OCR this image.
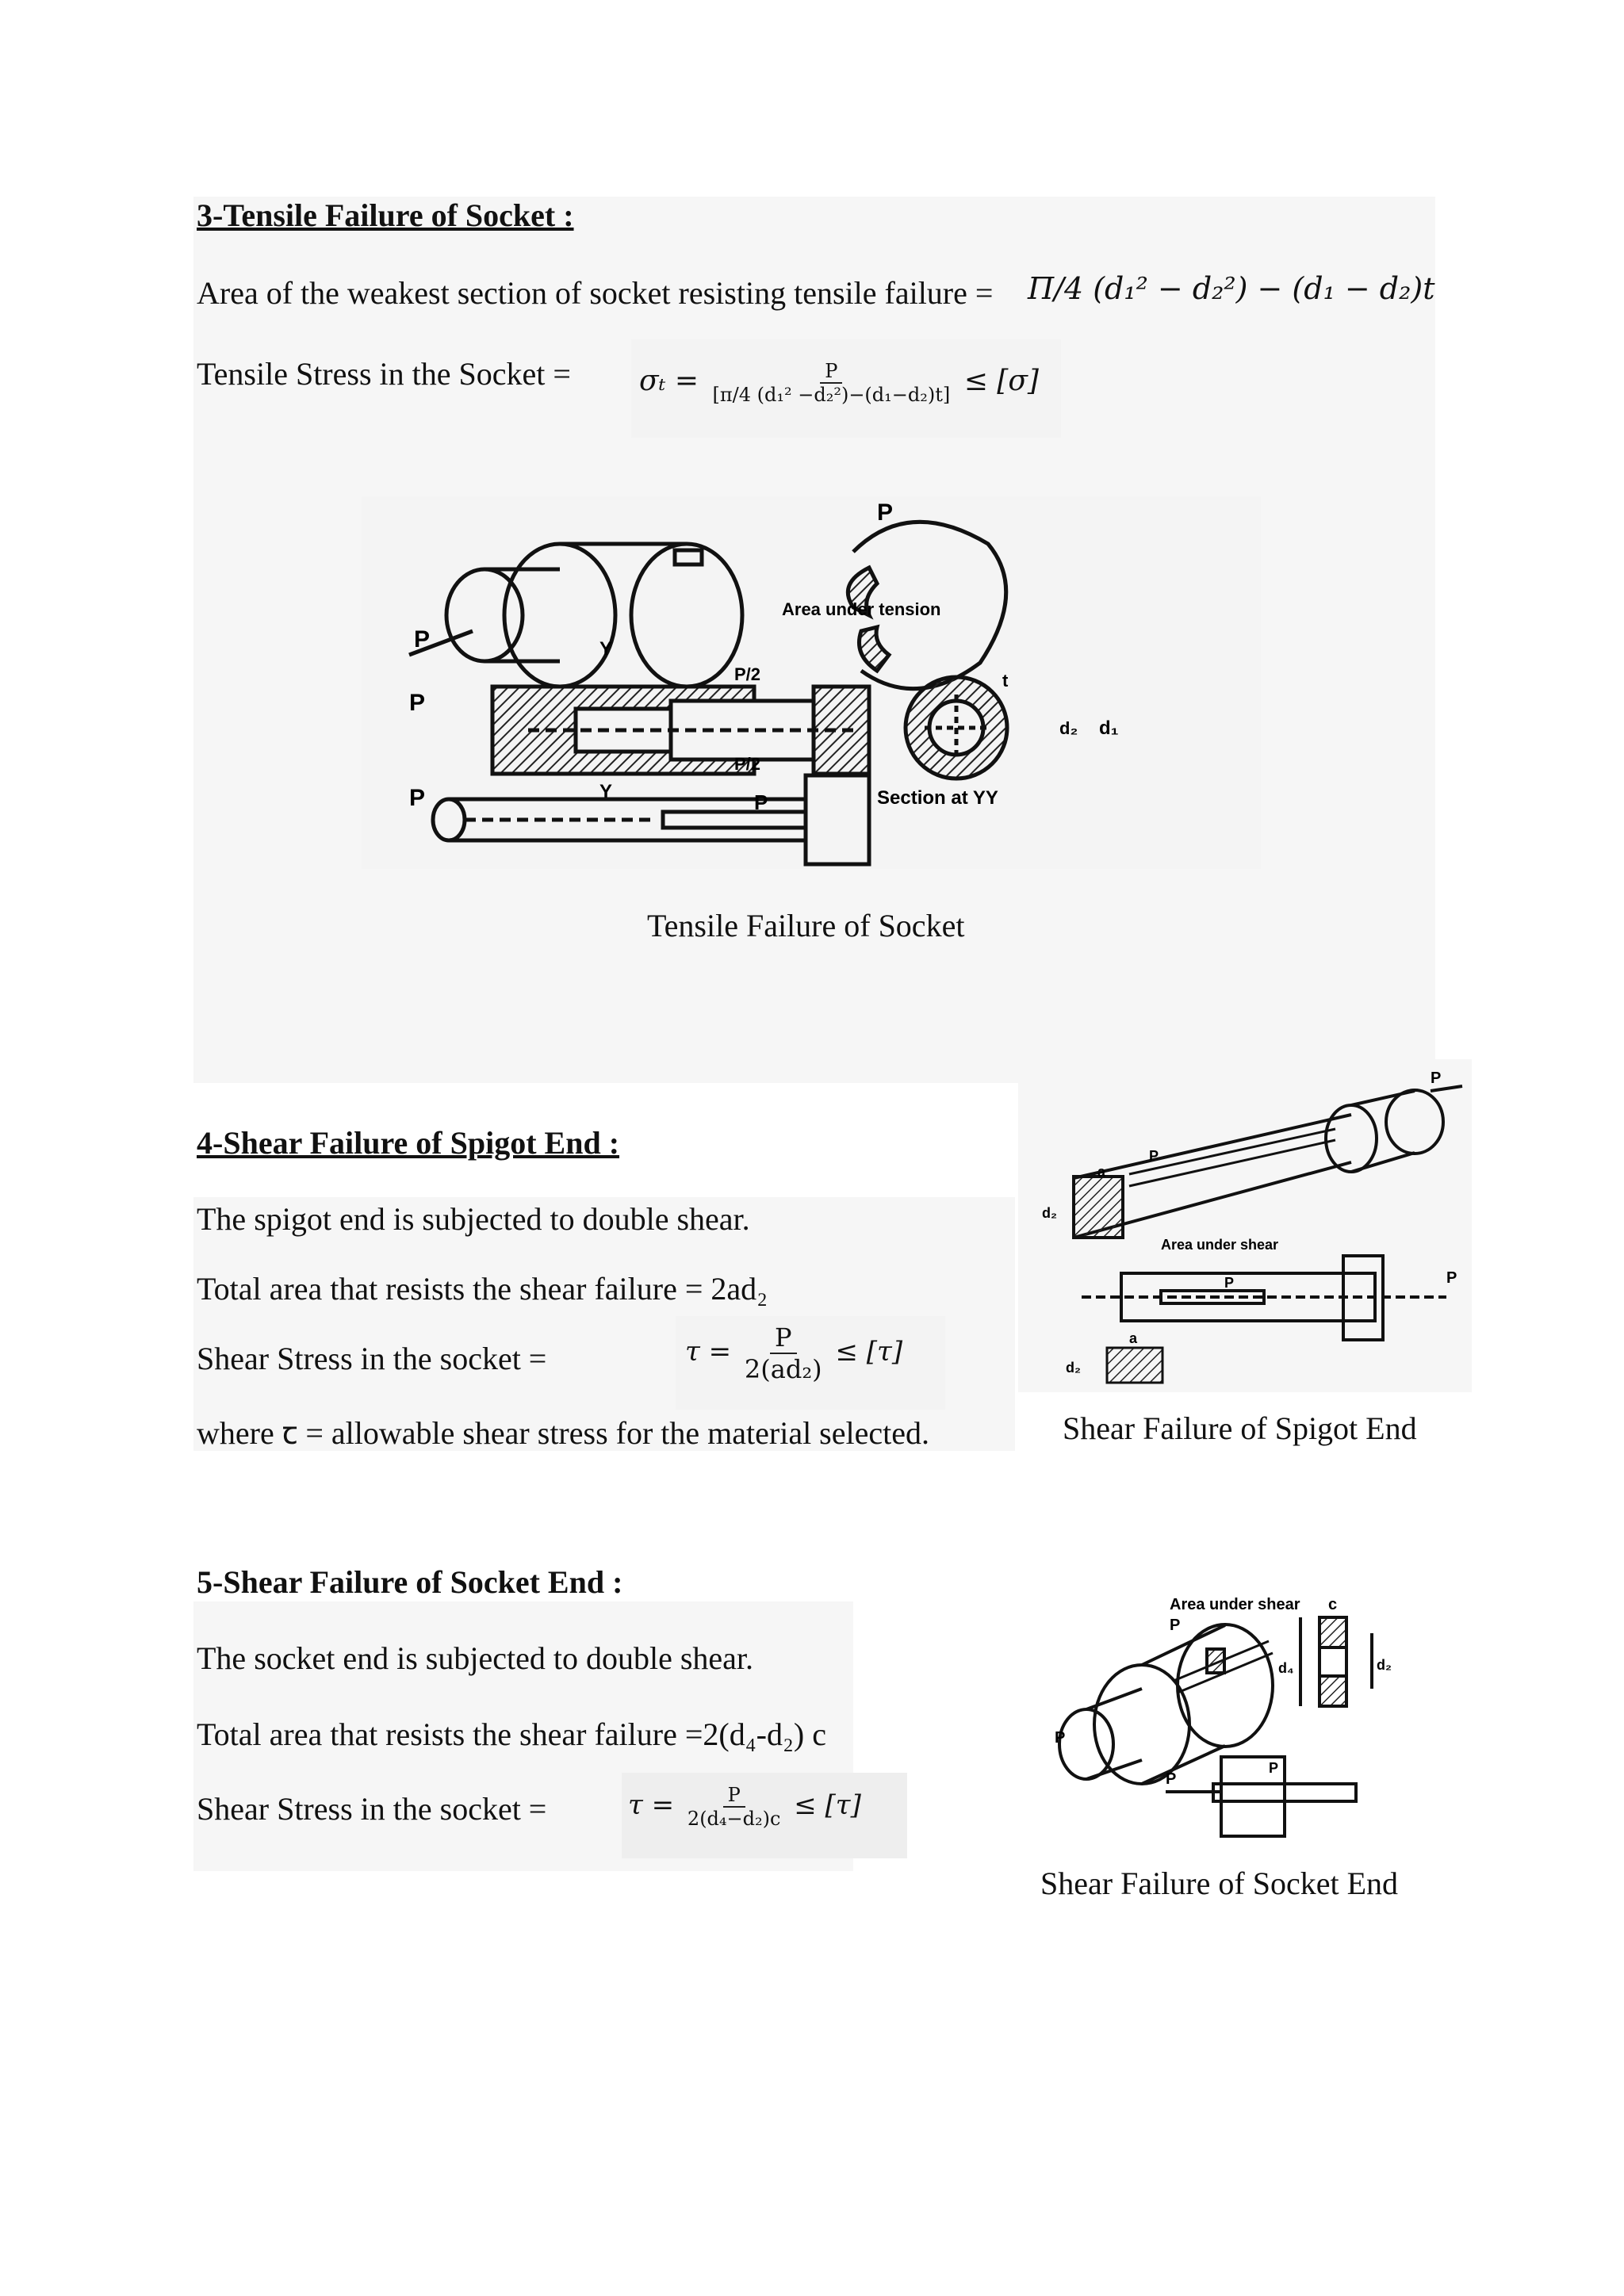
3-Tensile Failure of Socket :
Area of the weakest section of socket resisting tensile failure = Π/4 (d₁² − d₂²) − (d₁ − d₂)t
Tensile Stress in the Socket = $\sigma_t = \frac{P}{\text{[π/4 (d₁² −d₂²)−(d₁−d₂)t]}} \le [\sigma]$
P
P
Area under tension
Y
Y
P/2
P/2
P
t
d₂ d₁
Section at YY
P	P
Tensile Failure of Socket
4-Shear Failure of Spigot End :
The spigot end is subjected to double shear.
Total area that resists the shear failure = 2ad₂
Shear Stress in the socket =	$\tau = \frac{P}{\text{2(ad₂)}} \le [\tau]$
where ꞇ = allowable shear stress for the material selected.
P
P
a
d₂
Area under shear
P
P
a
d₂
Shear Failure of Spigot End
5-Shear Failure of Socket End :
The socket end is subjected to double shear.
Total area that resists the shear failure =2(d₄-d₂) c
Shear Stress in the socket =	$\tau = \frac{P}{\text{2(d₄−d₂)c}} \le [\tau]$
Area under shear
P
P
c
d₄	d₂
P
P
Shear Failure of Socket End
